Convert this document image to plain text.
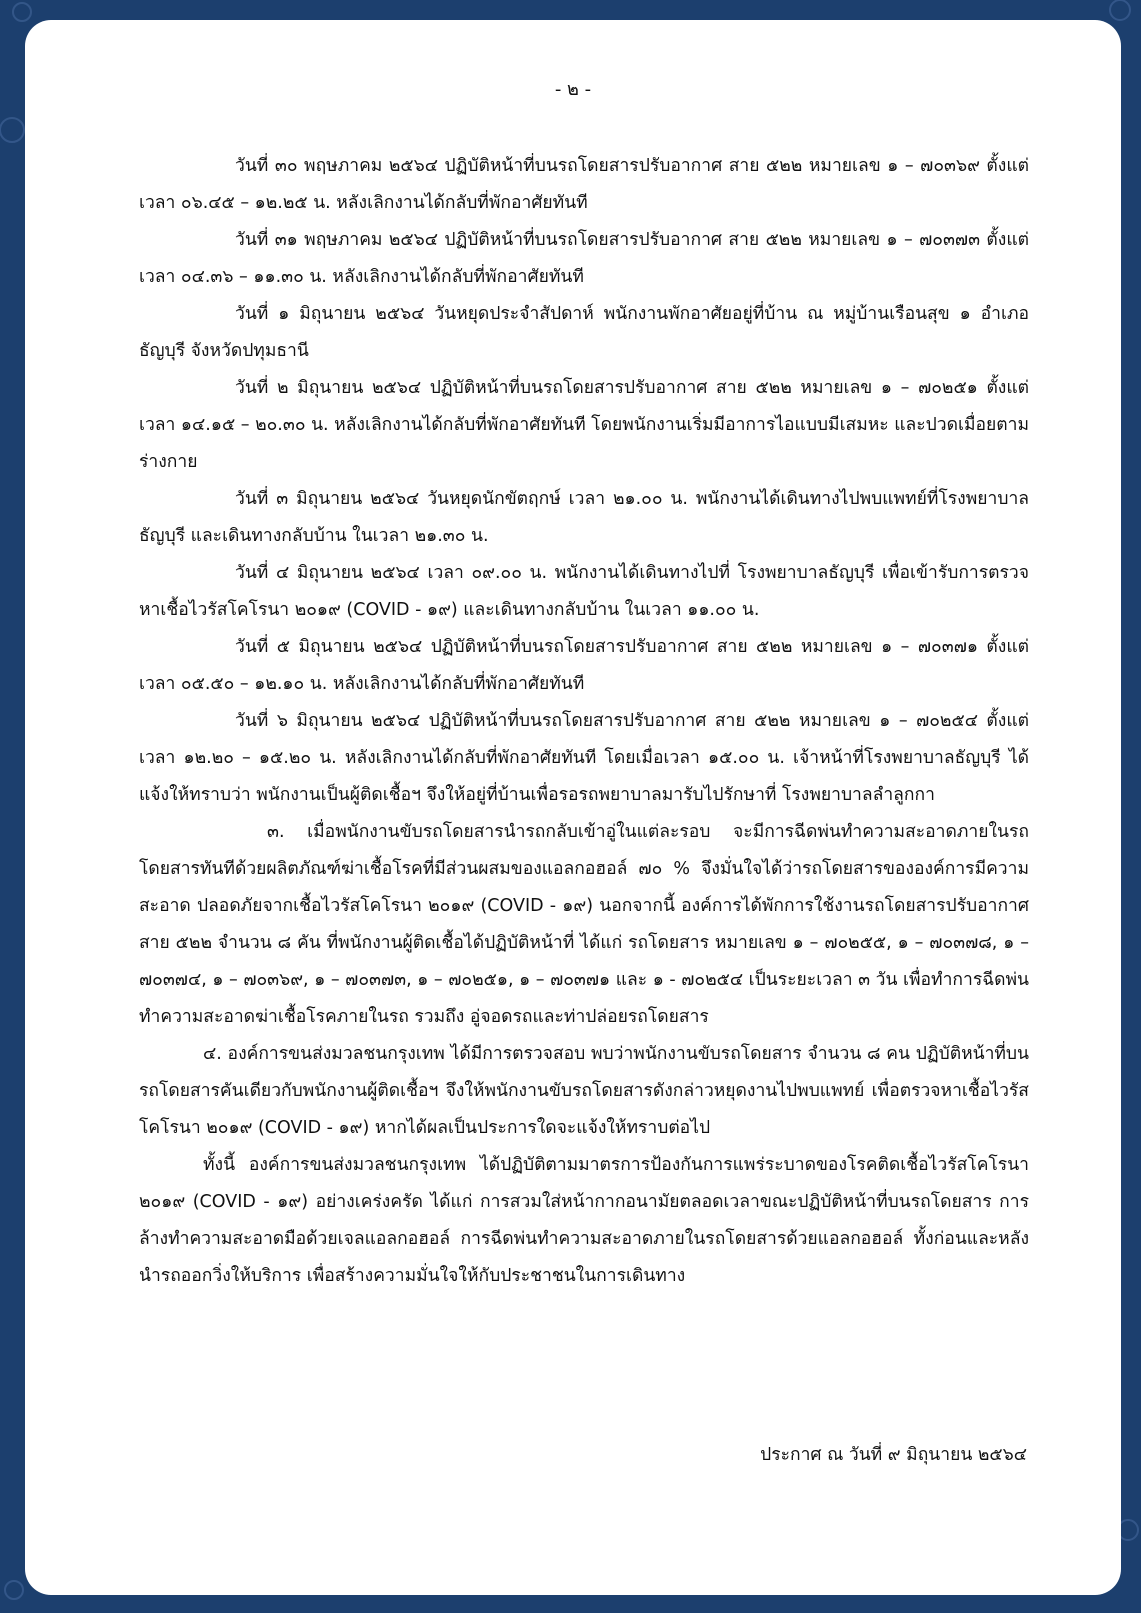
- ๒ -

วันที่ ๓๐ พฤษภาคม ๒๕๖๔ ปฏิบัติหน้าที่บนรถโดยสารปรับอากาศ สาย ๕๒๒ หมายเลข ๑ – ๗๐๓๖๙ ตั้งแต่เวลา ๐๖.๔๕ – ๑๒.๒๕ น. หลังเลิกงานได้กลับที่พักอาศัยทันที

วันที่ ๓๑ พฤษภาคม ๒๕๖๔ ปฏิบัติหน้าที่บนรถโดยสารปรับอากาศ สาย ๕๒๒ หมายเลข ๑ – ๗๐๓๗๓ ตั้งแต่เวลา ๐๔.๓๖ – ๑๑.๓๐ น. หลังเลิกงานได้กลับที่พักอาศัยทันที

วันที่ ๑ มิถุนายน ๒๕๖๔ วันหยุดประจำสัปดาห์ พนักงานพักอาศัยอยู่ที่บ้าน ณ หมู่บ้านเรือนสุข ๑ อำเภอธัญบุรี จังหวัดปทุมธานี

วันที่ ๒ มิถุนายน ๒๕๖๔ ปฏิบัติหน้าที่บนรถโดยสารปรับอากาศ สาย ๕๒๒ หมายเลข ๑ – ๗๐๒๕๑ ตั้งแต่เวลา ๑๔.๑๕ – ๒๐.๓๐ น. หลังเลิกงานได้กลับที่พักอาศัยทันที โดยพนักงานเริ่มมีอาการไอแบบมีเสมหะ และปวดเมื่อยตามร่างกาย

วันที่ ๓ มิถุนายน ๒๕๖๔ วันหยุดนักขัตฤกษ์ เวลา ๒๑.๐๐ น. พนักงานได้เดินทางไปพบแพทย์ที่โรงพยาบาลธัญบุรี และเดินทางกลับบ้าน ในเวลา ๒๑.๓๐ น.

วันที่ ๔ มิถุนายน ๒๕๖๔ เวลา ๐๙.๐๐ น. พนักงานได้เดินทางไปที่ โรงพยาบาลธัญบุรี เพื่อเข้ารับการตรวจหาเชื้อไวรัสโคโรนา ๒๐๑๙ (COVID - ๑๙) และเดินทางกลับบ้าน ในเวลา ๑๑.๐๐ น.

วันที่ ๕ มิถุนายน ๒๕๖๔ ปฏิบัติหน้าที่บนรถโดยสารปรับอากาศ สาย ๕๒๒ หมายเลข ๑ – ๗๐๓๗๑ ตั้งแต่เวลา ๐๕.๕๐ – ๑๒.๑๐ น. หลังเลิกงานได้กลับที่พักอาศัยทันที

วันที่ ๖ มิถุนายน ๒๕๖๔ ปฏิบัติหน้าที่บนรถโดยสารปรับอากาศ สาย ๕๒๒ หมายเลข ๑ – ๗๐๒๕๔ ตั้งแต่เวลา ๑๒.๒๐ – ๑๕.๒๐ น. หลังเลิกงานได้กลับที่พักอาศัยทันที โดยเมื่อเวลา ๑๕.๐๐ น. เจ้าหน้าที่โรงพยาบาลธัญบุรี ได้แจ้งให้ทราบว่า พนักงานเป็นผู้ติดเชื้อฯ จึงให้อยู่ที่บ้านเพื่อรอรถพยาบาลมารับไปรักษาที่ โรงพยาบาลลำลูกกา

๓. เมื่อพนักงานขับรถโดยสารนำรถกลับเข้าอู่ในแต่ละรอบ จะมีการฉีดพ่นทำความสะอาดภายในรถโดยสารทันทีด้วยผลิตภัณฑ์ฆ่าเชื้อโรคที่มีส่วนผสมของแอลกอฮอล์ ๗๐ % จึงมั่นใจได้ว่ารถโดยสารขององค์การมีความสะอาด ปลอดภัยจากเชื้อไวรัสโคโรนา ๒๐๑๙ (COVID - ๑๙) นอกจากนี้ องค์การได้พักการใช้งานรถโดยสารปรับอากาศ สาย ๕๒๒ จำนวน ๘ คัน ที่พนักงานผู้ติดเชื้อได้ปฏิบัติหน้าที่ ได้แก่ รถโดยสาร หมายเลข ๑ – ๗๐๒๕๕, ๑ – ๗๐๓๗๘, ๑ – ๗๐๓๗๔, ๑ – ๗๐๓๖๙, ๑ – ๗๐๓๗๓, ๑ – ๗๐๒๕๑, ๑ – ๗๐๓๗๑ และ ๑ - ๗๐๒๕๔ เป็นระยะเวลา ๓ วัน เพื่อทำการฉีดพ่น ทำความสะอาดฆ่าเชื้อโรคภายในรถ รวมถึง อู่จอดรถและท่าปล่อยรถโดยสาร

๔. องค์การขนส่งมวลชนกรุงเทพ ได้มีการตรวจสอบ พบว่าพนักงานขับรถโดยสาร จำนวน ๘ คน ปฏิบัติหน้าที่บนรถโดยสารคันเดียวกับพนักงานผู้ติดเชื้อฯ จึงให้พนักงานขับรถโดยสารดังกล่าวหยุดงานไปพบแพทย์ เพื่อตรวจหาเชื้อไวรัสโคโรนา ๒๐๑๙ (COVID - ๑๙) หากได้ผลเป็นประการใดจะแจ้งให้ทราบต่อไป

ทั้งนี้ องค์การขนส่งมวลชนกรุงเทพ ได้ปฏิบัติตามมาตรการป้องกันการแพร่ระบาดของโรคติดเชื้อไวรัสโคโรนา ๒๐๑๙ (COVID - ๑๙) อย่างเคร่งครัด ได้แก่ การสวมใส่หน้ากากอนามัยตลอดเวลาขณะปฏิบัติหน้าที่บนรถโดยสาร การล้างทำความสะอาดมือด้วยเจลแอลกอฮอล์ การฉีดพ่นทำความสะอาดภายในรถโดยสารด้วยแอลกอฮอล์ ทั้งก่อนและหลังนำรถออกวิ่งให้บริการ เพื่อสร้างความมั่นใจให้กับประชาชนในการเดินทาง

ประกาศ ณ วันที่ ๙ มิถุนายน ๒๕๖๔
